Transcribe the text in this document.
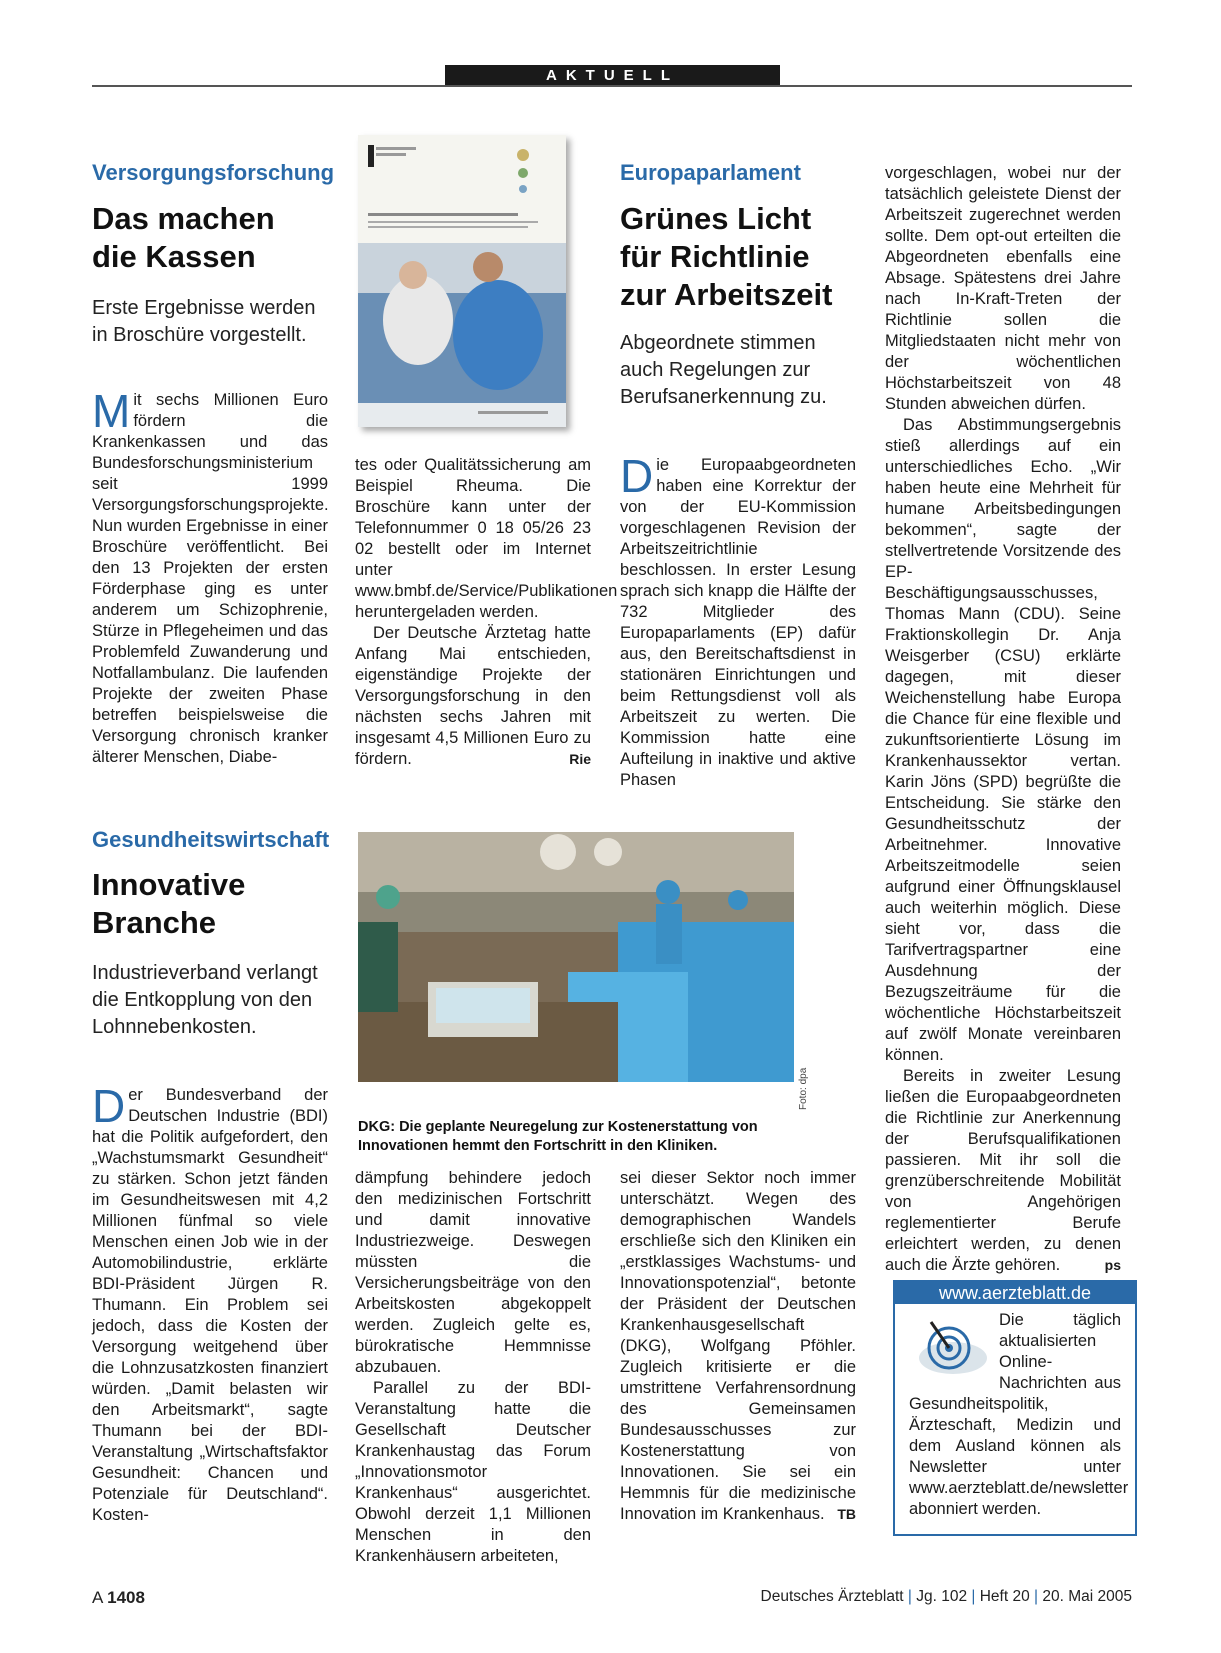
AKTUELL
Versorgungsforschung
Das machen die Kassen
Erste Ergebnisse werden in Broschüre vorgestellt.

Mit sechs Millionen Euro fördern die Krankenkassen und das Bundesforschungsministerium seit 1999 Versorgungsforschungsprojekte. Nun wurden Ergebnisse in einer Broschüre veröffentlicht. Bei den 13 Projekten der ersten Förderphase ging es unter anderem um Schizophrenie, Stürze in Pflegeheimen und das Problemfeld Zuwanderung und Notfallambulanz. Die laufenden Projekte der zweiten Phase betreffen beispielsweise die Versorgung chronisch kranker älterer Menschen, Diabe-

tes oder Qualitätssicherung am Beispiel Rheuma. Die Broschüre kann unter der Telefonnummer 0 18 05/26 23 02 bestellt oder im Internet unter www.bmbf.de/Service/Publikationen heruntergeladen werden.

Der Deutsche Ärztetag hatte Anfang Mai entschieden, eigenständige Projekte der Versorgungsforschung in den nächsten sechs Jahren mit insgesamt 4,5 Millionen Euro zu fördern.	Rie

Europaparlament
Grünes Licht für Richtlinie zur Arbeitszeit
Abgeordnete stimmen auch Regelungen zur Berufsanerkennung zu.

Die Europaabgeordneten haben eine Korrektur der von der EU-Kommission vorgeschlagenen Revision der Arbeitszeitrichtlinie beschlossen. In erster Lesung sprach sich knapp die Hälfte der 732 Mitglieder des Europaparlaments (EP) dafür aus, den Bereitschaftsdienst in stationären Einrichtungen und beim Rettungsdienst voll als Arbeitszeit zu werten. Die Kommission hatte eine Aufteilung in inaktive und aktive Phasen

vorgeschlagen, wobei nur der tatsächlich geleistete Dienst der Arbeitszeit zugerechnet werden sollte. Dem opt-out erteilten die Abgeordneten ebenfalls eine Absage. Spätestens drei Jahre nach In-Kraft-Treten der Richtlinie sollen die Mitgliedstaaten nicht mehr von der wöchentlichen Höchstarbeitszeit von 48 Stunden abweichen dürfen.

Das Abstimmungsergebnis stieß allerdings auf ein unterschiedliches Echo. „Wir haben heute eine Mehrheit für humane Arbeitsbedingungen bekommen“, sagte der stellvertretende Vorsitzende des EP-Beschäftigungsausschusses, Thomas Mann (CDU). Seine Fraktionskollegin Dr. Anja Weisgerber (CSU) erklärte dagegen, mit dieser Weichenstellung habe Europa die Chance für eine flexible und zukunftsorientierte Lösung im Krankenhaussektor vertan. Karin Jöns (SPD) begrüßte die Entscheidung. Sie stärke den Gesundheitsschutz der Arbeitnehmer. Innovative Arbeitszeitmodelle seien aufgrund einer Öffnungsklausel auch weiterhin möglich. Diese sieht vor, dass die Tarifvertragspartner eine Ausdehnung der Bezugszeiträume für die wöchentliche Höchstarbeitszeit auf zwölf Monate vereinbaren können.

Bereits in zweiter Lesung ließen die Europaabgeordneten die Richtlinie zur Anerkennung der Berufsqualifikationen passieren. Mit ihr soll die grenzüberschreitende Mobilität von Angehörigen reglementierter Berufe erleichtert werden, zu denen auch die Ärzte gehören.	ps

Gesundheitswirtschaft
Innovative Branche
Industrieverband verlangt die Entkopplung von den Lohnnebenkosten.
Foto: dpa
DKG: Die geplante Neuregelung zur Kostenerstattung von Innovationen hemmt den Fortschritt in den Kliniken.

Der Bundesverband der Deutschen Industrie (BDI) hat die Politik aufgefordert, den „Wachstumsmarkt Gesundheit“ zu stärken. Schon jetzt fänden im Gesundheitswesen mit 4,2 Millionen fünfmal so viele Menschen einen Job wie in der Automobilindustrie, erklärte BDI-Präsident Jürgen R. Thumann. Ein Problem sei jedoch, dass die Kosten der Versorgung weitgehend über die Lohnzusatzkosten finanziert würden. „Damit belasten wir den Arbeitsmarkt“, sagte Thumann bei der BDI-Veranstaltung „Wirtschaftsfaktor Gesundheit: Chancen und Potenziale für Deutschland“. Kosten-

dämpfung behindere jedoch den medizinischen Fortschritt und damit innovative Industriezweige. Deswegen müssten die Versicherungsbeiträge von den Arbeitskosten abgekoppelt werden. Zugleich gelte es, bürokratische Hemmnisse abzubauen.

Parallel zu der BDI-Veranstaltung hatte die Gesellschaft Deutscher Krankenhaustag das Forum „Innovationsmotor Krankenhaus“ ausgerichtet. Obwohl derzeit 1,1 Millionen Menschen in den Krankenhäusern arbeiteten,

sei dieser Sektor noch immer unterschätzt. Wegen des demographischen Wandels erschließe sich den Kliniken ein „erstklassiges Wachstums- und Innovationspotenzial“, betonte der Präsident der Deutschen Krankenhausgesellschaft (DKG), Wolfgang Pföhler. Zugleich kritisierte er die umstrittene Verfahrensordnung des Gemeinsamen Bundesausschusses zur Kostenerstattung von Innovationen. Sie sei ein Hemmnis für die medizinische Innovation im Krankenhaus. TB

www.aerzteblatt.de
Die täglich aktualisierten Online-Nachrichten aus Gesundheitspolitik, Ärzteschaft, Medizin und dem Ausland können als Newsletter unter www.aerzteblatt.de/newsletter abonniert werden.
A 1408	Deutsches Ärzteblatt | Jg. 102 | Heft 20 | 20. Mai 2005
